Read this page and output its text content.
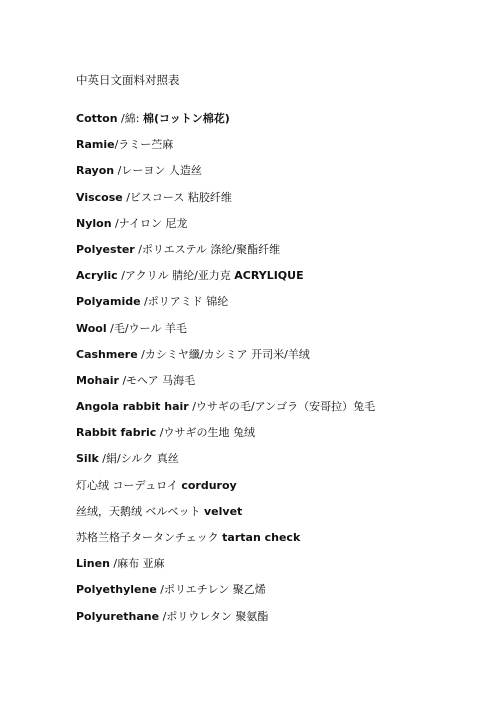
中英日文面料对照表
Cotton /綿: 棉(コットン棉花)
Ramie/ラミー苎麻
Rayon /レーヨン 人造丝
Viscose /ビスコース 粘胶纤维
Nylon /ナイロン 尼龙
Polyester /ポリエステル 涤纶/聚酯纤维
Acrylic /アクリル 腈纶/亚力克 ACRYLIQUE
Polyamide /ポリアミド 锦纶
Wool /毛/ウール 羊毛
Cashmere /カシミヤ纖/カシミア 开司米/羊绒
Mohair /モヘア 马海毛
Angola rabbit hair /ウサギの毛/アンゴラ（安哥拉）兔毛
Rabbit fabric /ウサギの生地 兔绒
Silk /絹/シルク 真丝
灯心绒 コーデュロイ corduroy
丝绒，天鹅绒 ベルベット velvet
苏格兰格子タータンチェック tartan check
Linen /麻布 亚麻
Polyethylene /ポリエチレン 聚乙烯
Polyurethane /ポリウレタン 聚氨酯
